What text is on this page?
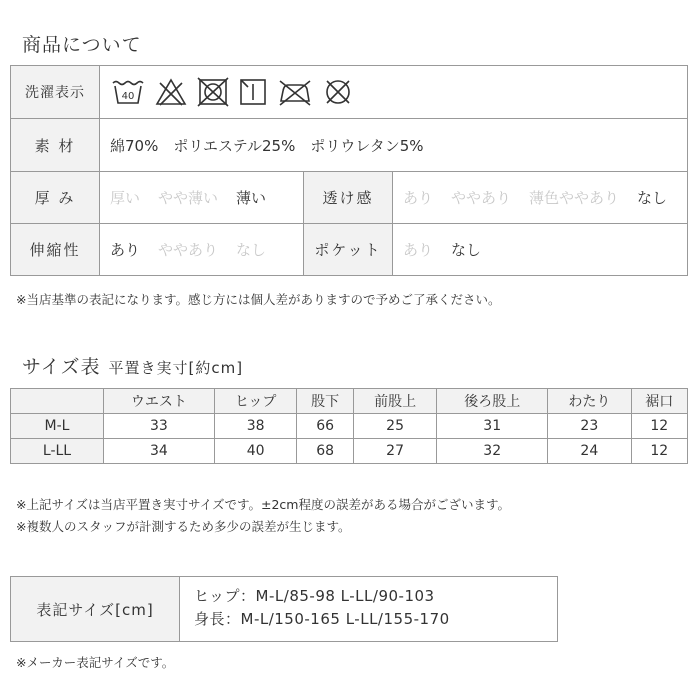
商品について
洗濯表示	40
素 材	綿70%　ポリエステル25%　ポリウレタン5%
厚 み	厚い やや薄い 薄い	透け感	あり ややあり 薄色ややあり なし
伸縮性	あり ややあり なし	ポケット	あり なし
※当店基準の表記になります。感じ方には個人差がありますので予めご了承ください。
サイズ表 平置き実寸[約cm]
	ウエスト	ヒップ	股下	前股上	後ろ股上	わたり	裾口
M-L	33	38	66	25	31	23	12
L-LL	34	40	68	27	32	24	12
※上記サイズは当店平置き実寸サイズです。±2cm程度の誤差がある場合がございます。
※複数人のスタッフが計測するため多少の誤差が生じます。
表記サイズ[cm]
ヒップ：M-L/85-98 L-LL/90-103
身長：M-L/150-165 L-LL/155-170
※メーカー表記サイズです。
